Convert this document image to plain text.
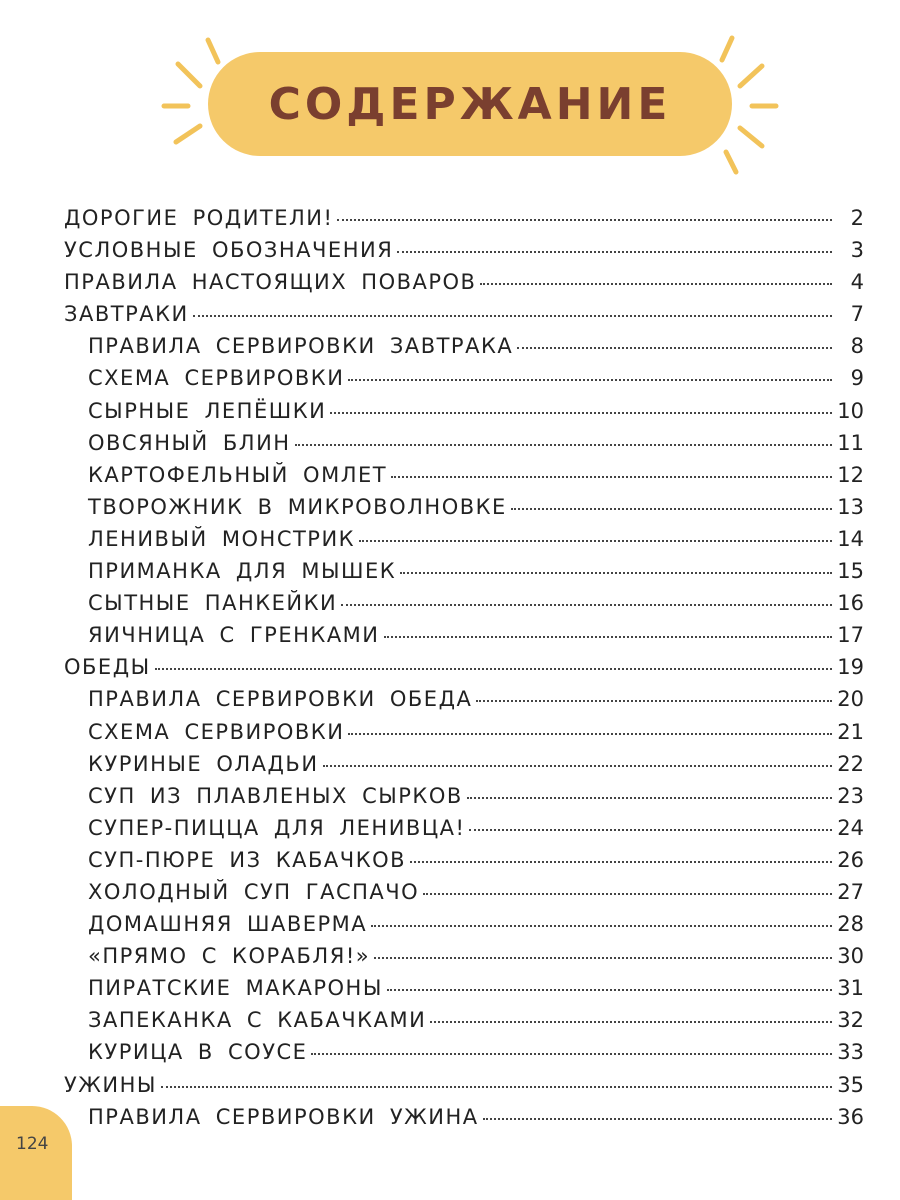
СОДЕРЖАНИЕ
ДОРОГИЕ РОДИТЕЛИ!	2
УСЛОВНЫЕ ОБОЗНАЧЕНИЯ	3
ПРАВИЛА НАСТОЯЩИХ ПОВАРОВ	4
ЗАВТРАКИ	7
ПРАВИЛА СЕРВИРОВКИ ЗАВТРАКА	8
СХЕМА СЕРВИРОВКИ	9
СЫРНЫЕ ЛЕПЁШКИ	10
ОВСЯНЫЙ БЛИН	11
КАРТОФЕЛЬНЫЙ ОМЛЕТ	12
ТВОРОЖНИК В МИКРОВОЛНОВКЕ	13
ЛЕНИВЫЙ МОНСТРИК	14
ПРИМАНКА ДЛЯ МЫШЕК	15
СЫТНЫЕ ПАНКЕЙКИ	16
ЯИЧНИЦА С ГРЕНКАМИ	17
ОБЕДЫ	19
ПРАВИЛА СЕРВИРОВКИ ОБЕДА	20
СХЕМА СЕРВИРОВКИ	21
КУРИНЫЕ ОЛАДЬИ	22
СУП ИЗ ПЛАВЛЕНЫХ СЫРКОВ	23
СУПЕР-ПИЦЦА ДЛЯ ЛЕНИВЦА!	24
СУП-ПЮРЕ ИЗ КАБАЧКОВ	26
ХОЛОДНЫЙ СУП ГАСПАЧО	27
ДОМАШНЯЯ ШАВЕРМА	28
«ПРЯМО С КОРАБЛЯ!»	30
ПИРАТСКИЕ МАКАРОНЫ	31
ЗАПЕКАНКА С КАБАЧКАМИ	32
КУРИЦА В СОУСЕ	33
УЖИНЫ	35
ПРАВИЛА СЕРВИРОВКИ УЖИНА	36
124
